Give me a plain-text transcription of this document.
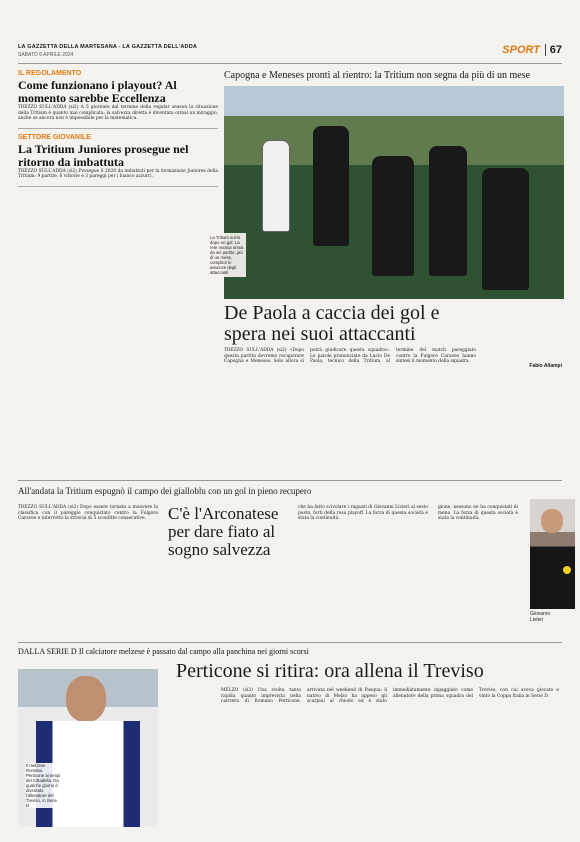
LA GAZZETTA DELLA MARTESANA - LA GAZZETTA DELL'ADDA
SABATO 6 APRILE 2024	SPORT 67
IL REGOLAMENTO
Come funzionano i playout? Al momento sarebbe Eccellenza

TREZZO SULL'ADDA (si2) A 5 giornate dal termine della regular season la situazione della Tritium è quanto mai complicata; la salvezza diretta è diventata ormai un miraggio, anche se ancora non è impossibile per la matematica.

SETTORE GIOVANILE
La Tritium Juniores prosegue nel ritorno da imbattuta

TREZZO SULL'ADDA (si2) Prosegue il 2026 da imbattuti per la formazione Juniores della Tritium: 9 partite, 6 vittorie e 3 pareggi per i bianco azzurri.

Capogna e Meneses pronti al rientro: la Tritium non segna da più di un mese
La Tritium sul-lo dopo un gol. La rete manca ormai da sei partite, più di un mese, complice le assenze degli attaccanti
De Paola a caccia dei gol e spera nei suoi attaccanti
TREZZO SULL'ADDA (si2) «Dopo questa partita dovremo recuperare Capogna e Meneses. Solo allora si potrà giudicare questa squadra». Le parole pronunciate da Lucio De Paola, tecnico della Tritium, al termine del match pareggiato contro la Fulgore Caravee hanno sintesi il momento della squadra.
Fabio Allampi
All'andata la Tritium espugnò il campo dei gialloblu con un gol in pieno recupero

TREZZO SULL'ADDA (si2) Dopo essere tornata a muovere la classifica con il pareggio conquistato contro la Fulgore Caravee e interrotto la striscia di 5 sconfitte consecutive.	C'è l'Arconatese per dare fiato al sogno salvezza

che ha fatto scivolare i ragazzi di Giovanni Livieri al sesto posto, forti della rosa playoff. La forza di questa società è stata la continuità.

gione, nessuno ne ha conquistati di meno. La forza di questa società è stata la continuità.

Giovanni Livieri
DALLA SERIE D Il calciatore melzese è passato dal campo alla panchina nei giorni scorsi
Perticone si ritira: ora allena il Treviso
Il melzese Romano Perticone ai tempi del Cittadella. Da qualche giorno è diventato l'allenatore del Treviso, in Serie D

MELZO (si2) Una svolta tanto rapida quanto imprevista nella carriera di Romano Perticone, arrivata nel weekend di Pasqua: il nativo di Melzo ha appeso gli scarpini al chiodo ed è stato immediatamente ingaggiato come allenatore della prima squadra del Treviso, con cui aveva giocato e vinto la Coppa Italia in Serie D.
